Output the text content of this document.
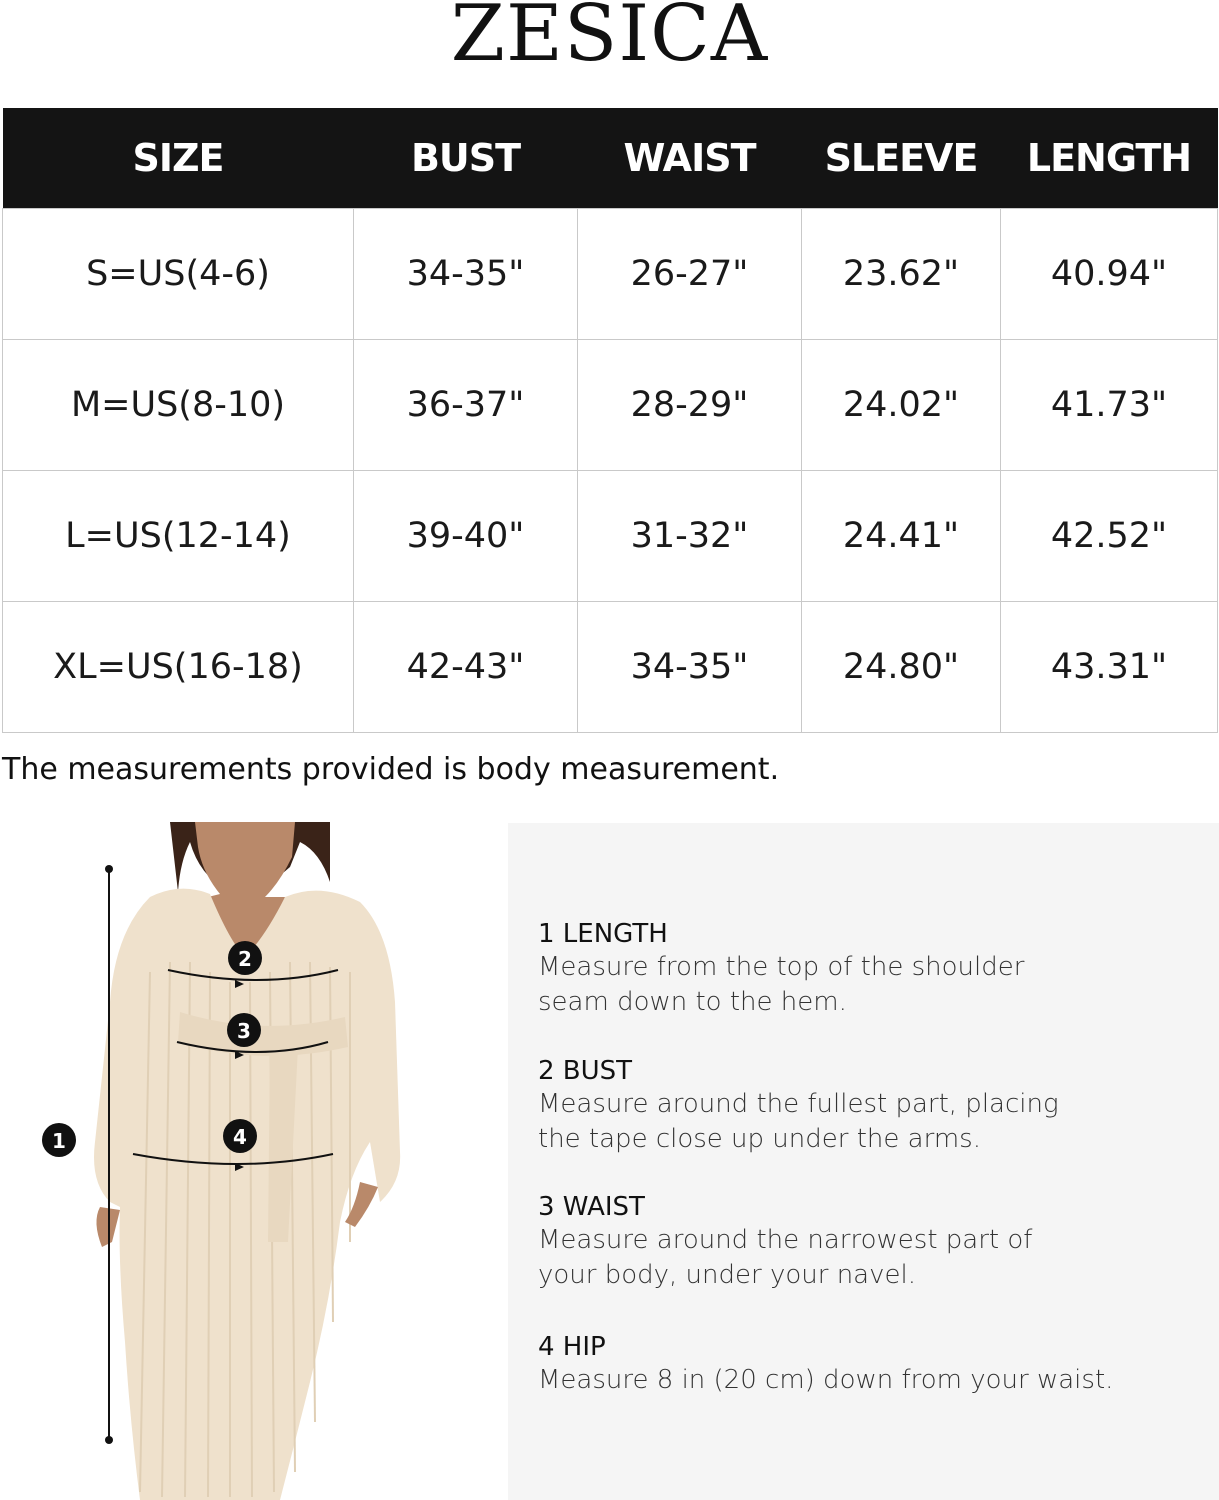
ZESICA
SIZE	BUST	WAIST	SLEEVE	LENGTH
S=US(4-6)	34-35"	26-27"	23.62"	40.94"
M=US(8-10)	36-37"	28-29"	24.02"	41.73"
L=US(12-14)	39-40"	31-32"	24.41"	42.52"
XL=US(16-18)	42-43"	34-35"	24.80"	43.31"
The measurements provided is body measurement.
1
2
3
4
1 LENGTH
Measure from the top of the shoulder
seam down to the hem.
2 BUST
Measure around the fullest part, placing
the tape close up under the arms.
3 WAIST
Measure around the narrowest part of
your body, under your navel.
4 HIP
Measure 8 in (20 cm) down from your waist.
